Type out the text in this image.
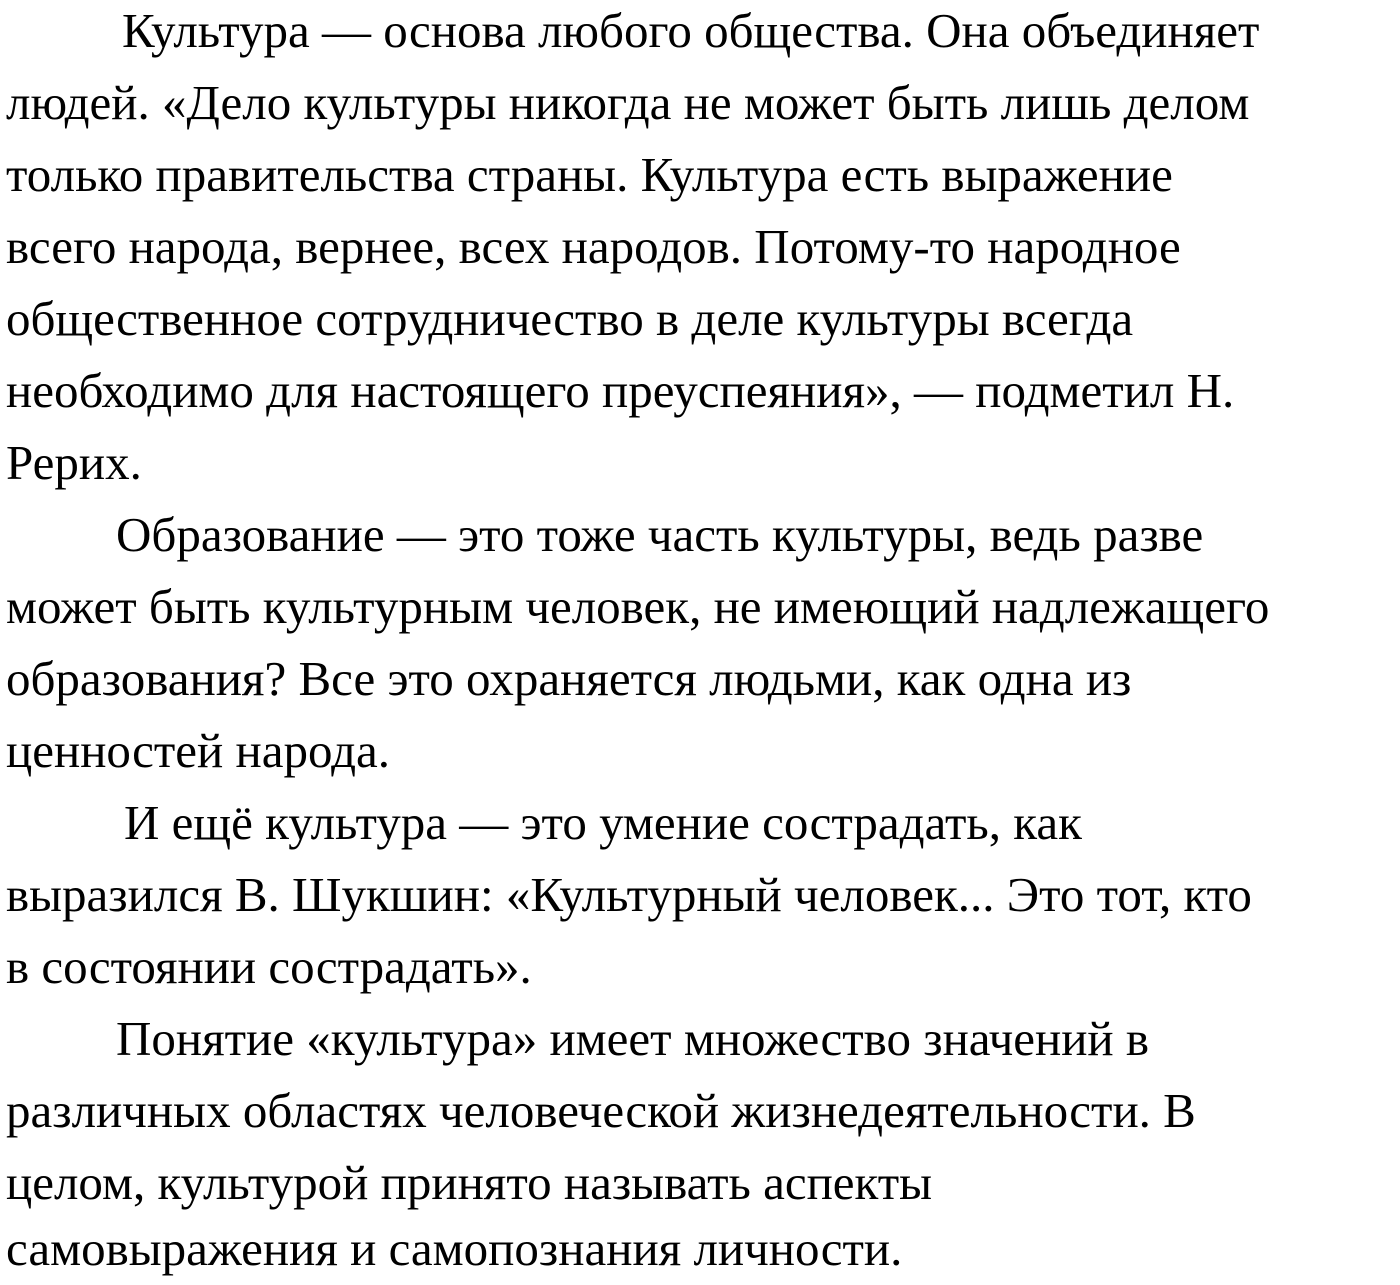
Культура — основа любого общества. Она объединяет
людей. «Дело культуры никогда не может быть лишь делом
только правительства страны. Культура есть выражение
всего народа, вернее, всех народов. Потому-то народное
общественное сотрудничество в деле культуры всегда
необходимо для настоящего преуспеяния», — подметил Н.
Рерих.
Образование — это тоже часть культуры, ведь разве
может быть культурным человек, не имеющий надлежащего
образования? Все это охраняется людьми, как одна из
ценностей народа.
И ещё культура — это умение сострадать, как
выразился В. Шукшин: «Культурный человек... Это тот, кто
в состоянии сострадать».
Понятие «культура» имеет множество значений в
различных областях человеческой жизнедеятельности. В
целом, культурой принято называть аспекты
самовыражения и самопознания личности.
